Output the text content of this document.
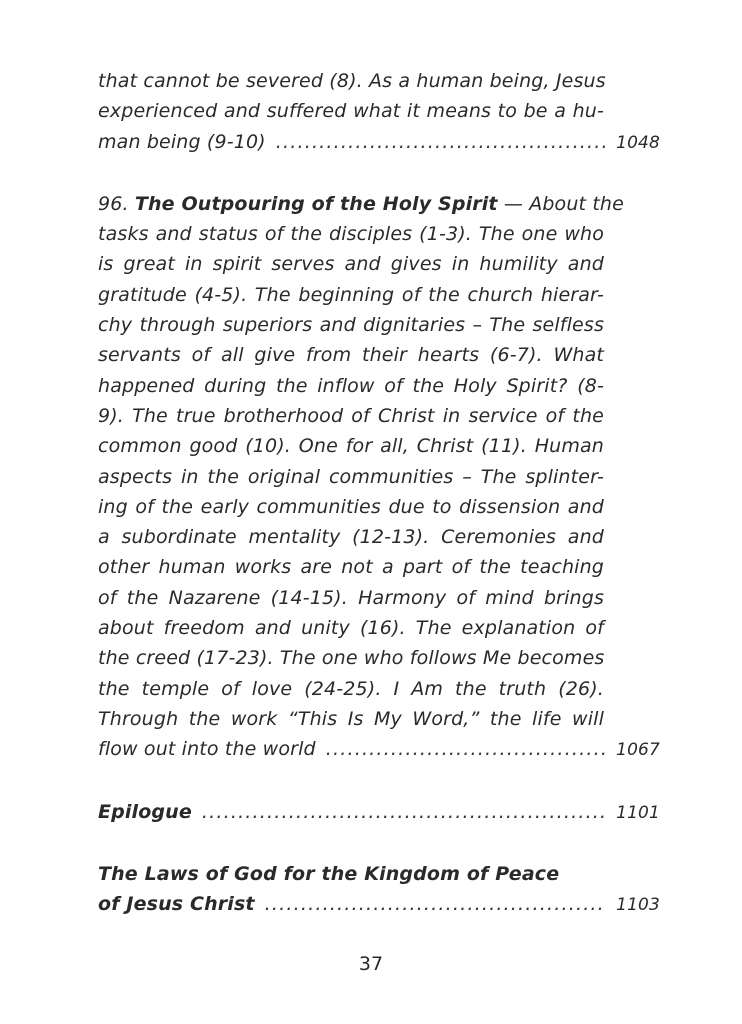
that cannot be severed (8). As a human being, Jesus
experienced and suffered what it means to be a hu-
man being (9-10) .....	1048
96. The Outpouring of the Holy Spirit — About the
tasks and status of the disciples (1-3). The one who
is great in spirit serves and gives in humility and
gratitude (4-5). The beginning of the church hierar-
chy through superiors and dignitaries – The selfless
servants of all give from their hearts (6-7). What
happened during the inflow of the Holy Spirit? (8-
9). The true brotherhood of Christ in service of the
common good (10). One for all, Christ (11). Human
aspects in the original communities – The splinter-
ing of the early communities due to dissension and
a subordinate mentality (12-13). Ceremonies and
other human works are not a part of the teaching
of the Nazarene (14-15). Harmony of mind brings
about freedom and unity (16). The explanation of
the creed (17-23). The one who follows Me becomes
the temple of love (24-25). I Am the truth (26).
Through the work “This Is My Word,” the life will
flow out into the world .....	1067
Epilogue .....	1101
The Laws of God for the Kingdom of Peace
of Jesus Christ .....	1103
37
